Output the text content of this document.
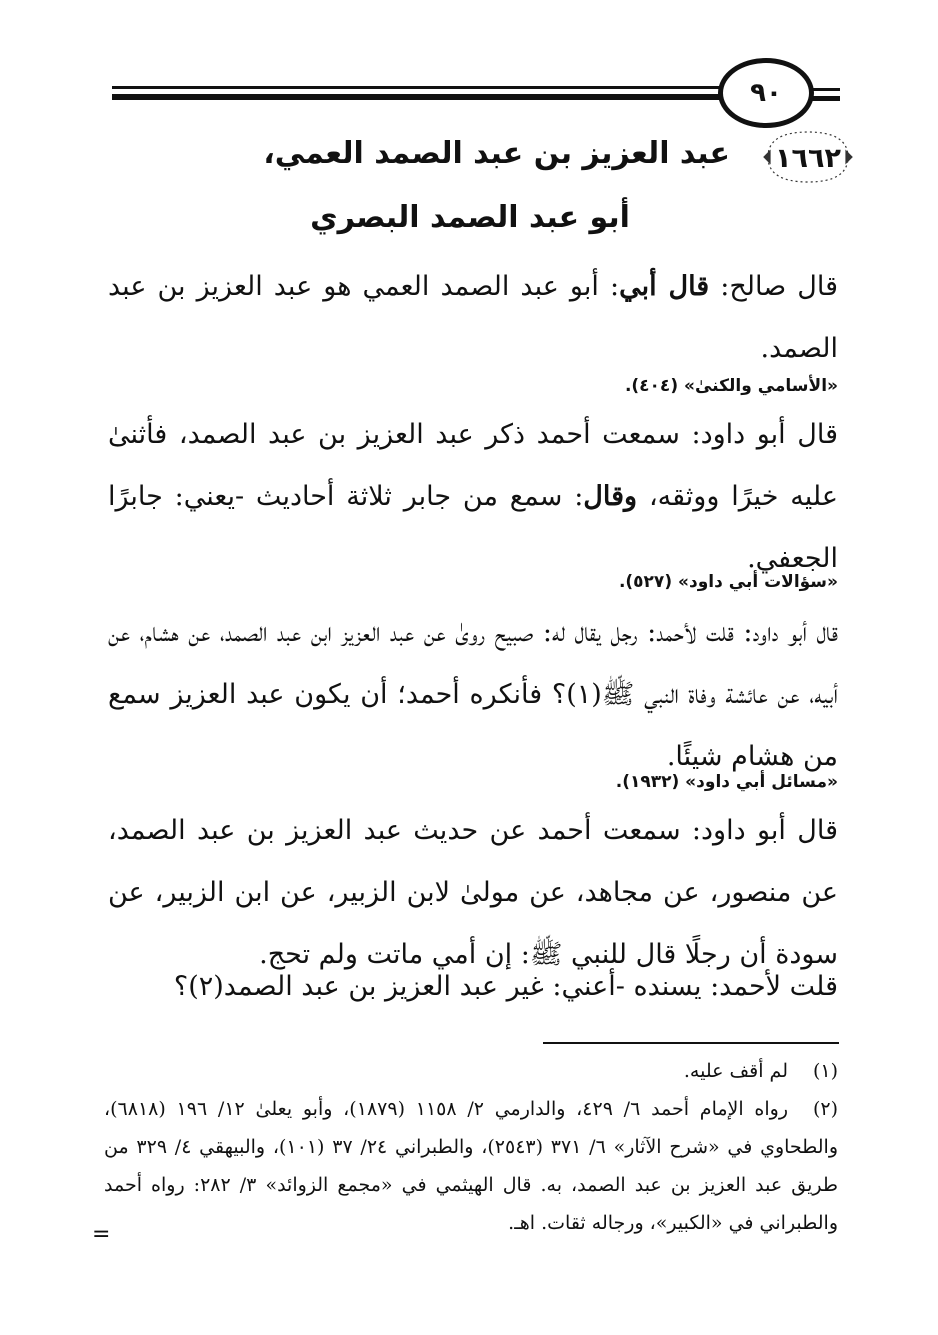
٩٠
١٦٦٢
عبد العزيز بن عبد الصمد العمي،
أبو عبد الصمد البصري
قال صالح: قال أبي: أبو عبد الصمد العمي هو عبد العزيز بن عبد الصمد.
«الأسامي والكنىٰ» (٤٠٤).
قال أبو داود: سمعت أحمد ذكر عبد العزيز بن عبد الصمد، فأثنىٰ عليه خيرًا ووثقه، وقال: سمع من جابر ثلاثة أحاديث -يعني: جابرًا الجعفي.
«سؤالات أبي داود» (٥٢٧).
قال أبو داود: قلت لأحمد: رجل يقال له: صبيح روىٰ عن عبد العزيز ابن عبد الصمد، عن هشام، عن أبيه، عن عائشة وفاة النبي ﷺ(١)؟ فأنكره أحمد؛ أن يكون عبد العزيز سمع من هشام شيئًا.
«مسائل أبي داود» (١٩٣٢).
قال أبو داود: سمعت أحمد عن حديث عبد العزيز بن عبد الصمد، عن منصور، عن مجاهد، عن مولىٰ لابن الزبير، عن ابن الزبير، عن سودة أن رجلًا قال للنبي ﷺ: إن أمي ماتت ولم تحج.
قلت لأحمد: يسنده -أعني: غير عبد العزيز بن عبد الصمد(٢)؟
(١)لم أقف عليه.
(٢)رواه الإمام أحمد ٦/ ٤٢٩، والدارمي ٢/ ١١٥٨ (١٨٧٩)، وأبو يعلىٰ ١٢/ ١٩٦ (٦٨١٨)، والطحاوي في «شرح الآثار» ٦/ ٣٧١ (٢٥٤٣)، والطبراني ٢٤/ ٣٧ (١٠١)، والبيهقي ٤/ ٣٢٩ من طريق عبد العزيز بن عبد الصمد، به. قال الهيثمي في «مجمع الزوائد» ٣/ ٢٨٢: رواه أحمد والطبراني في «الكبير»، ورجاله ثقات. اهـ.
=
